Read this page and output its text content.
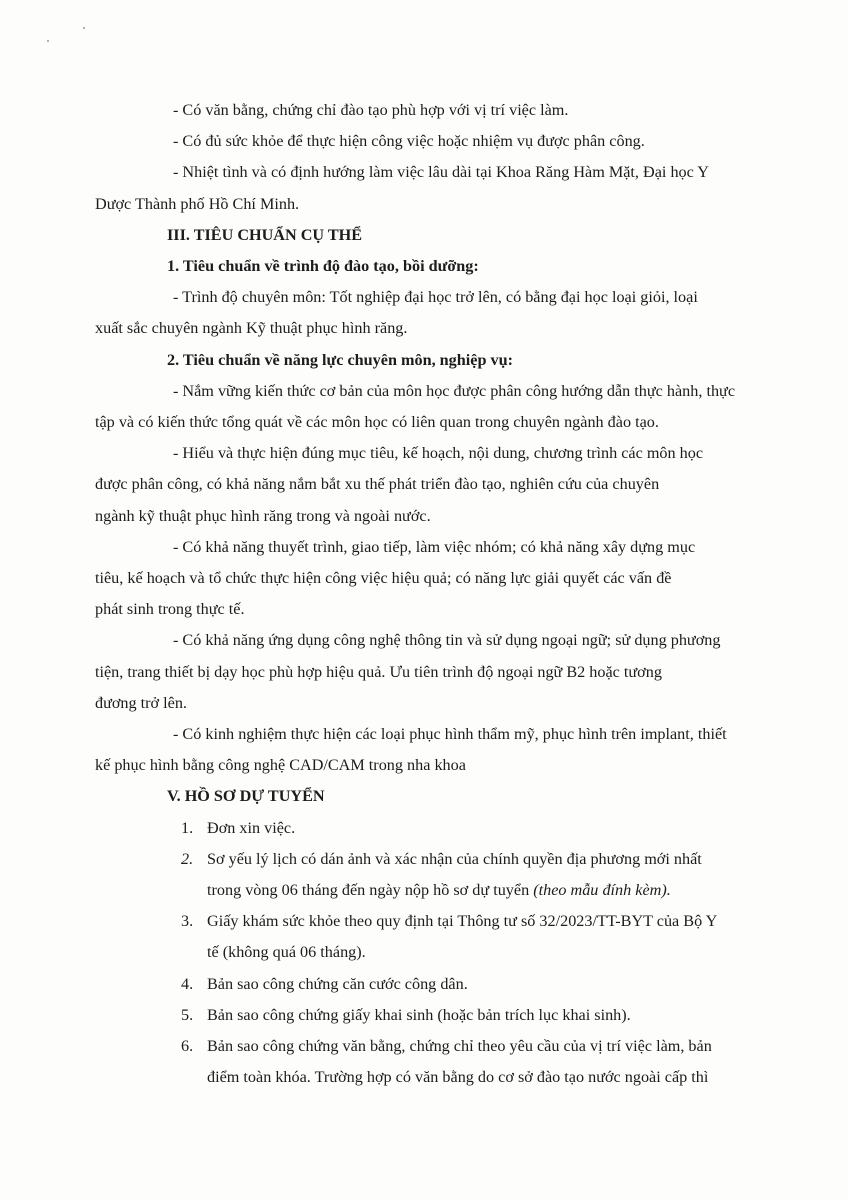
- Có văn bằng, chứng chỉ đào tạo phù hợp với vị trí việc làm.
- Có đủ sức khỏe để thực hiện công việc hoặc nhiệm vụ được phân công.
- Nhiệt tình và có định hướng làm việc lâu dài tại Khoa Răng Hàm Mặt, Đại học Y
Dược Thành phố Hồ Chí Minh.
III. TIÊU CHUẨN CỤ THỂ
1. Tiêu chuẩn về trình độ đào tạo, bồi dưỡng:
- Trình độ chuyên môn: Tốt nghiệp đại học trở lên, có bằng đại học loại giỏi, loại
xuất sắc chuyên ngành Kỹ thuật phục hình răng.
2. Tiêu chuẩn về năng lực chuyên môn, nghiệp vụ:
- Nắm vững kiến thức cơ bản của môn học được phân công hướng dẫn thực hành, thực
tập và có kiến thức tổng quát về các môn học có liên quan trong chuyên ngành đào tạo.
- Hiểu và thực hiện đúng mục tiêu, kế hoạch, nội dung, chương trình các môn học
được phân công, có khả năng nắm bắt xu thế phát triển đào tạo, nghiên cứu của chuyên
ngành kỹ thuật phục hình răng trong và ngoài nước.
- Có khả năng thuyết trình, giao tiếp, làm việc nhóm; có khả năng xây dựng mục
tiêu, kế hoạch và tổ chức thực hiện công việc hiệu quả; có năng lực giải quyết các vấn đề
phát sinh trong thực tế.
- Có khả năng ứng dụng công nghệ thông tin và sử dụng ngoại ngữ; sử dụng phương
tiện, trang thiết bị dạy học phù hợp hiệu quả. Ưu tiên trình độ ngoại ngữ B2 hoặc tương
đương trở lên.
- Có kinh nghiệm thực hiện các loại phục hình thẩm mỹ, phục hình trên implant, thiết
kế phục hình bằng công nghệ CAD/CAM trong nha khoa
V. HỒ SƠ DỰ TUYỂN
1. Đơn xin việc.
2. Sơ yếu lý lịch có dán ảnh và xác nhận của chính quyền địa phương mới nhất
trong vòng 06 tháng đến ngày nộp hồ sơ dự tuyển (theo mẫu đính kèm).
3. Giấy khám sức khỏe theo quy định tại Thông tư số 32/2023/TT-BYT của Bộ Y
tế (không quá 06 tháng).
4. Bản sao công chứng căn cước công dân.
5. Bản sao công chứng giấy khai sinh (hoặc bản trích lục khai sinh).
6. Bản sao công chứng văn bằng, chứng chỉ theo yêu cầu của vị trí việc làm, bản
điểm toàn khóa. Trường hợp có văn bằng do cơ sở đào tạo nước ngoài cấp thì
